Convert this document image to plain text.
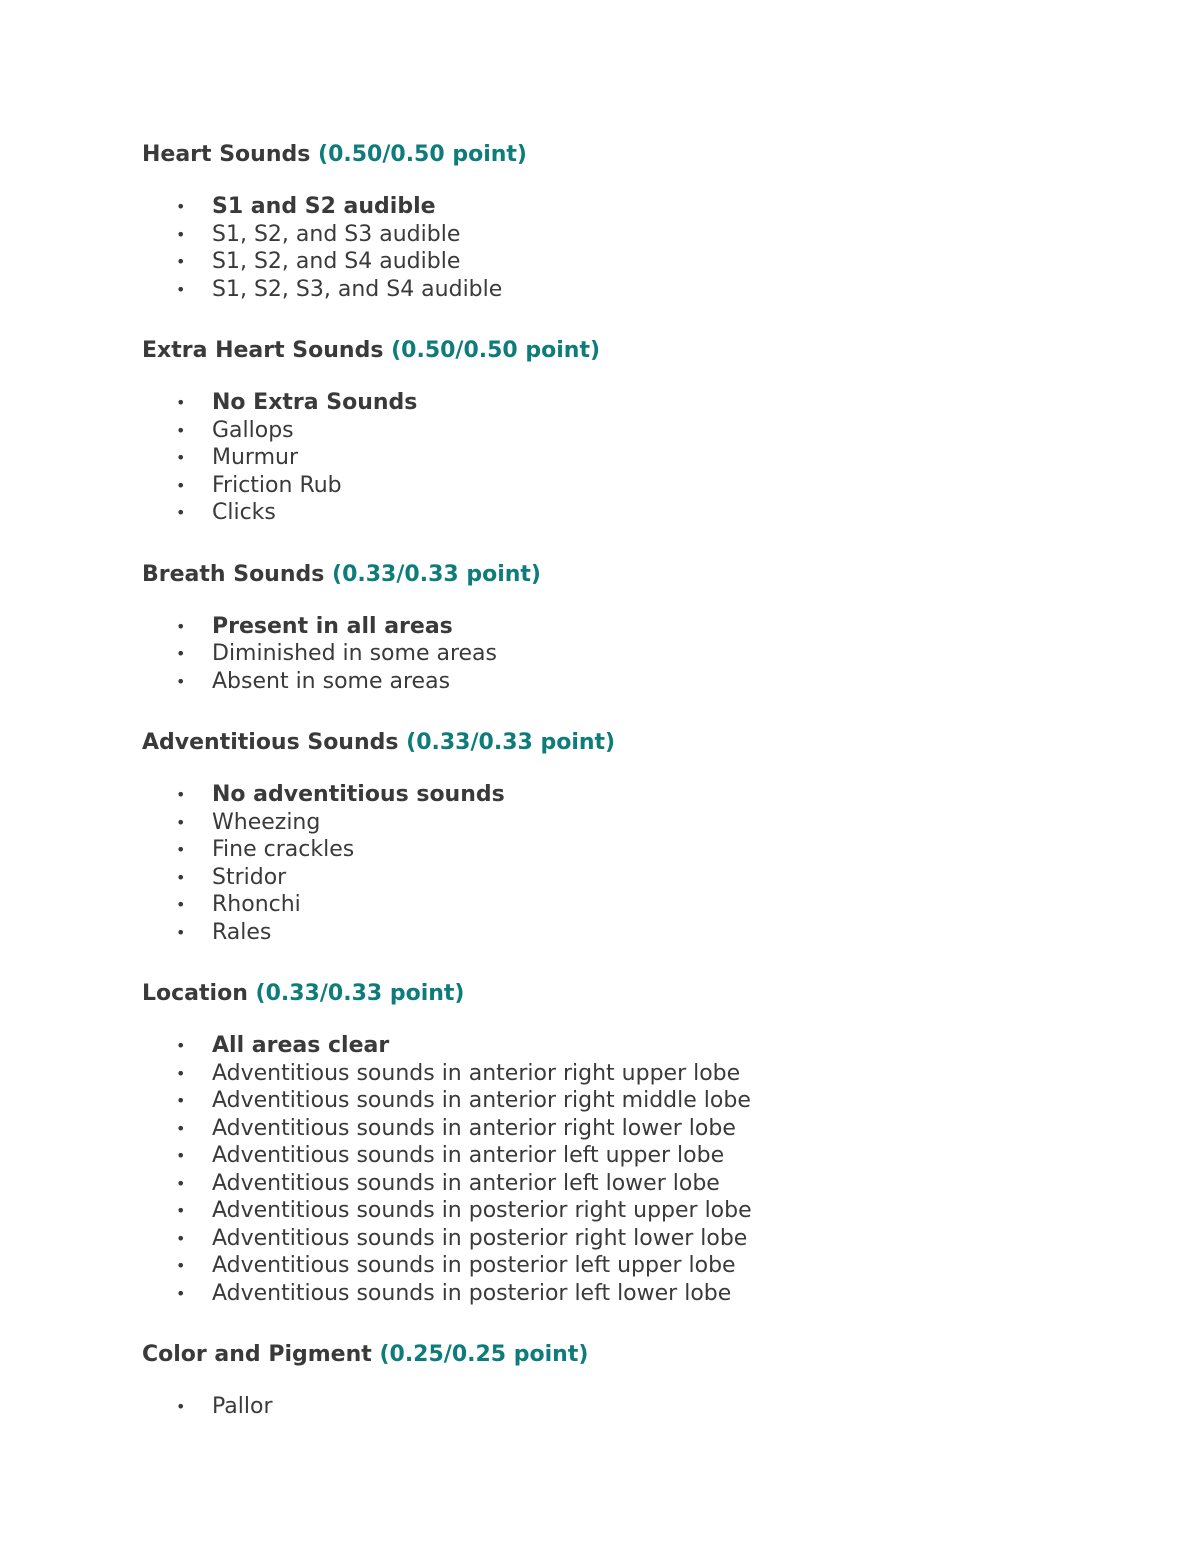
Heart Sounds (0.50/0.50 point)
• S1 and S2 audible
• S1, S2, and S3 audible
• S1, S2, and S4 audible
• S1, S2, S3, and S4 audible
Extra Heart Sounds (0.50/0.50 point)
• No Extra Sounds
• Gallops
• Murmur
• Friction Rub
• Clicks
Breath Sounds (0.33/0.33 point)
• Present in all areas
• Diminished in some areas
• Absent in some areas
Adventitious Sounds (0.33/0.33 point)
• No adventitious sounds
• Wheezing
• Fine crackles
• Stridor
• Rhonchi
• Rales
Location (0.33/0.33 point)
• All areas clear
• Adventitious sounds in anterior right upper lobe
• Adventitious sounds in anterior right middle lobe
• Adventitious sounds in anterior right lower lobe
• Adventitious sounds in anterior left upper lobe
• Adventitious sounds in anterior left lower lobe
• Adventitious sounds in posterior right upper lobe
• Adventitious sounds in posterior right lower lobe
• Adventitious sounds in posterior left upper lobe
• Adventitious sounds in posterior left lower lobe
Color and Pigment (0.25/0.25 point)
• Pallor
